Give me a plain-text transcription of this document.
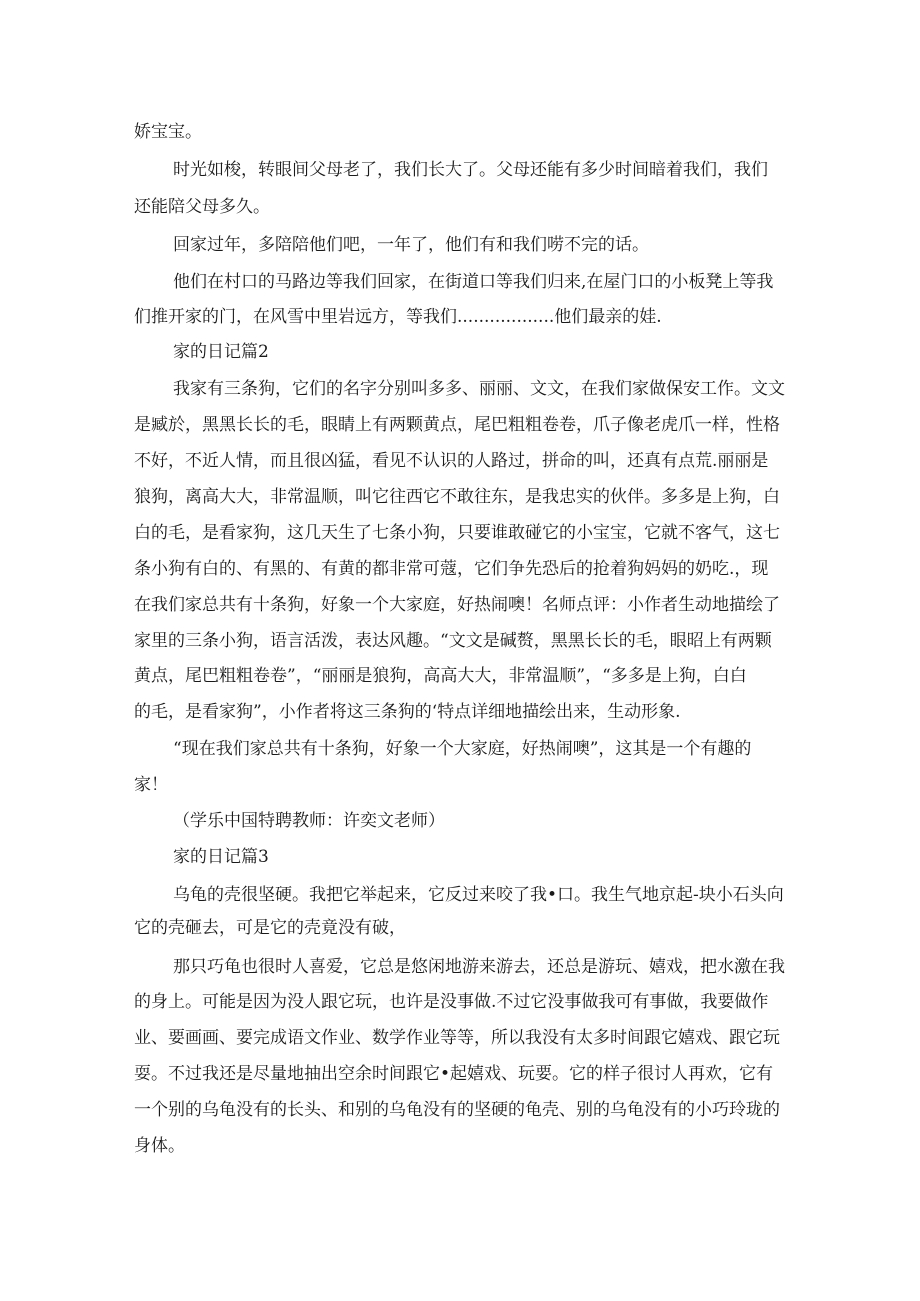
娇宝宝。

时光如梭，转眼间父母老了，我们长大了。父母还能有多少时间暗着我们，我们

还能陪父母多久。

回家过年，多陪陪他们吧，一年了，他们有和我们唠不完的话。

他们在村口的马路边等我们回家，在街道口等我们归来,在屋门口的小板凳上等我

们推开家的门，在风雪中里岩远方，等我们..................他们最亲的娃.

家的日记篇2

我家有三条狗，它们的名字分别叫多多、丽丽、文文，在我们家做保安工作。文文

是臧於，黑黑长长的毛，眼睛上有两颗黄点，尾巴粗粗卷卷，爪子像老虎爪一样，性格

不好，不近人情，而且很凶猛，看见不认识的人路过，拼命的叫，还真有点荒.丽丽是

狼狗，离高大大，非常温顺，叫它往西它不敢往东，是我忠实的伙伴。多多是上狗，白

白的毛，是看家狗，这几天生了七条小狗，只要谁敢碰它的小宝宝，它就不客气，这七

条小狗有白的、有黑的、有黄的都非常可蔻，它们争先恐后的抢着狗妈妈的奶吃.，现

在我们家总共有十条狗，好象一个大家庭，好热闹噢！名师点评：小作者生动地描绘了

家里的三条小狗，语言活泼，表达风趣。“文文是碱赘，黑黑长长的毛，眼昭上有两颗

黄点，尾巴粗粗卷卷”，“丽丽是狼狗，高高大大，非常温顺”，“多多是上狗，白白

的毛，是看家狗”，小作者将这三条狗的‘特点详细地描绘出来，生动形象.

“现在我们家总共有十条狗，好象一个大家庭，好热闹噢”，这其是一个有趣的

家！

（学乐中国特聘教师：许奕文老师）

家的日记篇3

乌龟的壳很坚硬。我把它举起来，它反过来咬了我•口。我生气地京起-块小石头向

它的壳砸去，可是它的壳竟没有破，

那只巧龟也很时人喜爱，它总是悠闲地游来游去，还总是游玩、嬉戏，把水激在我

的身上。可能是因为没人跟它玩，也许是没事做.不过它没事做我可有事做，我要做作

业、要画画、要完成语文作业、数学作业等等，所以我没有太多时间跟它嬉戏、跟它玩

耍。不过我还是尽量地抽出空余时间跟它•起嬉戏、玩要。它的样子很讨人再欢，它有

一个别的乌龟没有的长头、和别的乌龟没有的坚硬的龟壳、别的乌龟没有的小巧玲珑的

身体。
